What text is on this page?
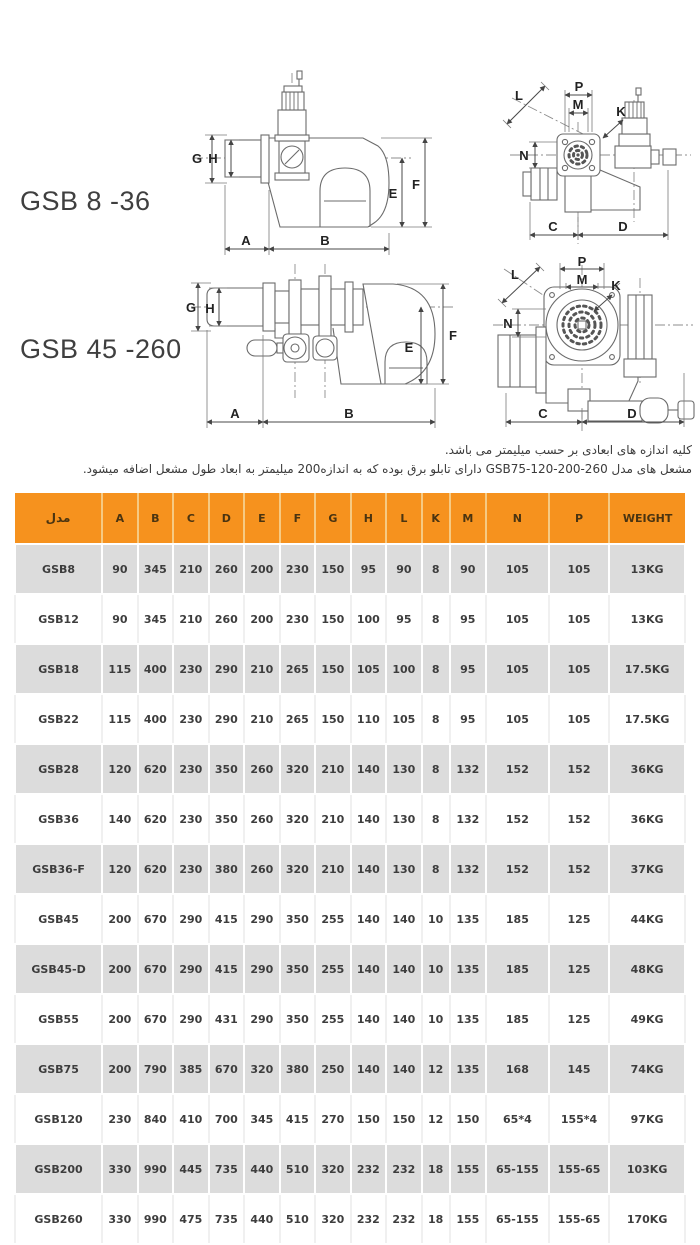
GSB 8 -36
GSB 45 -260
G H
E
F
A	B
P
M	K
L
N
C	D
G H
E
F
A	B
P
M K
L
N
C	D
کلیه اندازه های ابعادی بر حسب میلیمتر می باشد.
مشعل های مدل GSB75-120-200-260 دارای تابلو برق بوده که به اندازه200 میلیمتر به ابعاد طول مشعل اضافه میشود.
مدل	A	B	C	D	E	F	G	H	L	K	M	N	P	WEIGHT
GSB8	90	345	210	260	200	230	150	95	90	8	90	105	105	13KG
GSB12	90	345	210	260	200	230	150	100	95	8	95	105	105	13KG
GSB18	115	400	230	290	210	265	150	105	100	8	95	105	105	17.5KG
GSB22	115	400	230	290	210	265	150	110	105	8	95	105	105	17.5KG
GSB28	120	620	230	350	260	320	210	140	130	8	132	152	152	36KG
GSB36	140	620	230	350	260	320	210	140	130	8	132	152	152	36KG
GSB36-F	120	620	230	380	260	320	210	140	130	8	132	152	152	37KG
GSB45	200	670	290	415	290	350	255	140	140	10	135	185	125	44KG
GSB45-D	200	670	290	415	290	350	255	140	140	10	135	185	125	48KG
GSB55	200	670	290	431	290	350	255	140	140	10	135	185	125	49KG
GSB75	200	790	385	670	320	380	250	140	140	12	135	168	145	74KG
GSB120	230	840	410	700	345	415	270	150	150	12	150	65*4	155*4	97KG
GSB200	330	990	445	735	440	510	320	232	232	18	155	65-155	155-65	103KG
GSB260	330	990	475	735	440	510	320	232	232	18	155	65-155	155-65	170KG
